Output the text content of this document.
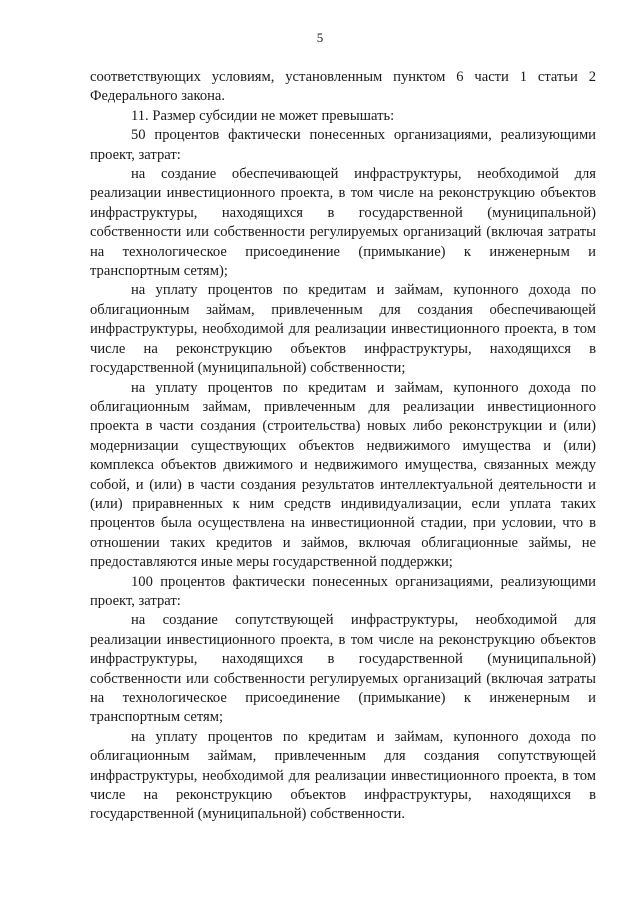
5

соответствующих условиям, установленным пунктом 6 части 1 статьи 2 Федерального закона.

11. Размер субсидии не может превышать:

50 процентов фактически понесенных организациями, реализующими проект, затрат:

на создание обеспечивающей инфраструктуры, необходимой для реализации инвестиционного проекта, в том числе на реконструкцию объектов инфраструктуры, находящихся в государственной (муниципальной) собственности или собственности регулируемых организаций (включая затраты на технологическое присоединение (примыкание) к инженерным и транспортным сетям);

на уплату процентов по кредитам и займам, купонного дохода по облигационным займам, привлеченным для создания обеспечивающей инфраструктуры, необходимой для реализации инвестиционного проекта, в том числе на реконструкцию объектов инфраструктуры, находящихся в государственной (муниципальной) собственности;

на уплату процентов по кредитам и займам, купонного дохода по облигационным займам, привлеченным для реализации инвестиционного проекта в части создания (строительства) новых либо реконструкции и (или) модернизации существующих объектов недвижимого имущества и (или) комплекса объектов движимого и недвижимого имущества, связанных между собой, и (или) в части создания результатов интеллектуальной деятельности и (или) приравненных к ним средств индивидуализации, если уплата таких процентов была осуществлена на инвестиционной стадии, при условии, что в отношении таких кредитов и займов, включая облигационные займы, не предоставляются иные меры государственной поддержки;

100 процентов фактически понесенных организациями, реализующими проект, затрат:

на создание сопутствующей инфраструктуры, необходимой для реализации инвестиционного проекта, в том числе на реконструкцию объектов инфраструктуры, находящихся в государственной (муниципальной) собственности или собственности регулируемых организаций (включая затраты на технологическое присоединение (примыкание) к инженерным и транспортным сетям;

на уплату процентов по кредитам и займам, купонного дохода по облигационным займам, привлеченным для создания сопутствующей инфраструктуры, необходимой для реализации инвестиционного проекта, в том числе на реконструкцию объектов инфраструктуры, находящихся в государственной (муниципальной) собственности.
